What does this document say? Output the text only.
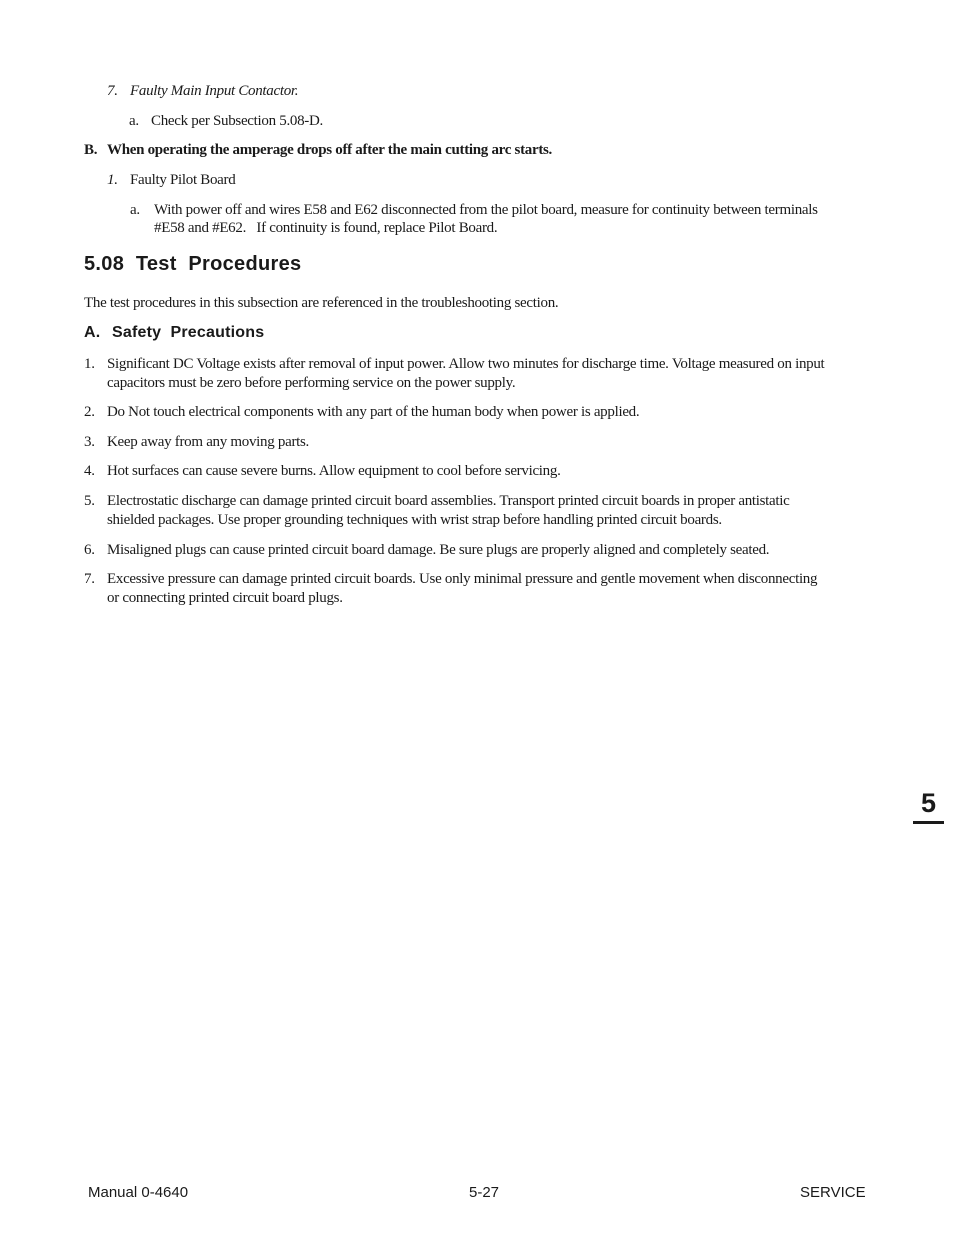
7. Faulty Main Input Contactor.
a. Check per Subsection 5.08-D.
B. When operating the amperage drops off after the main cutting arc starts.
1. Faulty Pilot Board
a. With power off and wires E58 and E62 disconnected from the pilot board, measure for continuity between terminals
#E58 and #E62.   If continuity is found, replace Pilot Board.
5.08  Test  Procedures
The test procedures in this subsection are referenced in the troubleshooting section.
A. Safety  Precautions
1. Significant DC Voltage exists after removal of input power. Allow two minutes for discharge time. Voltage measured on input
capacitors must be zero before performing service on the power supply.
2. Do Not touch electrical components with any part of the human body when power is applied.
3. Keep away from any moving parts.
4. Hot surfaces can cause severe burns. Allow equipment to cool before servicing.
5. Electrostatic discharge can damage printed circuit board assemblies. Transport printed circuit boards in proper antistatic
shielded packages. Use proper grounding techniques with wrist strap before handling printed circuit boards.
6. Misaligned plugs can cause printed circuit board damage. Be sure plugs are properly aligned and completely seated.
7. Excessive pressure can damage printed circuit boards. Use only minimal pressure and gentle movement when disconnecting
or connecting printed circuit board plugs.
5
Manual 0-4640	5-27	SERVICE
